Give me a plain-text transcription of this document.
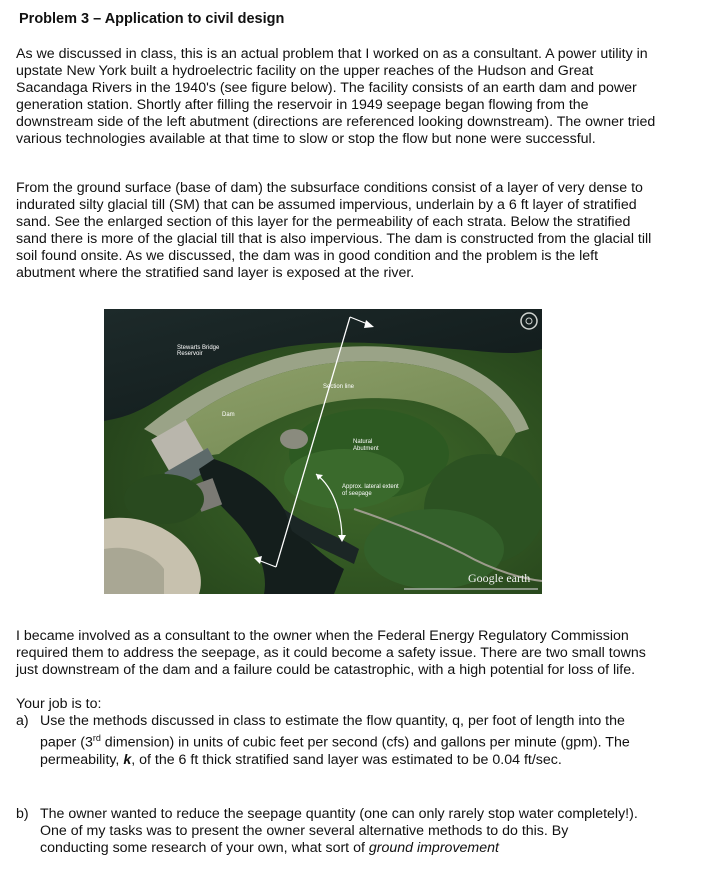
Problem 3 – Application to civil design

As we discussed in class, this is an actual problem that I worked on as a consultant. A power utility in upstate New York built a hydroelectric facility on the upper reaches of the Hudson and Great Sacandaga Rivers in the 1940's (see figure below). The facility consists of an earth dam and power generation station. Shortly after filling the reservoir in 1949 seepage began flowing from the downstream side of the left abutment (directions are referenced looking downstream). The owner tried various technologies available at that time to slow or stop the flow but none were successful.

From the ground surface (base of dam) the subsurface conditions consist of a layer of very dense to indurated silty glacial till (SM) that can be assumed impervious, underlain by a 6 ft layer of stratified sand. See the enlarged section of this layer for the permeability of each strata. Below the stratified sand there is more of the glacial till that is also impervious. The dam is constructed from the glacial till soil found onsite. As we discussed, the dam was in good condition and the problem is the left abutment where the stratified sand layer is exposed at the river.

Stewarts Bridge
Reservoir
Section line
Dam
Natural
Abutment
Approx. lateral extent
of seepage
Google earth

I became involved as a consultant to the owner when the Federal Energy Regulatory Commission required them to address the seepage, as it could become a safety issue. There are two small towns just downstream of the dam and a failure could be catastrophic, with a high potential for loss of life.

Your job is to:
a) Use the methods discussed in class to estimate the flow quantity, q, per foot of length into the paper (3rd dimension) in units of cubic feet per second (cfs) and gallons per minute (gpm). The permeability, k, of the 6 ft thick stratified sand layer was estimated to be 0.04 ft/sec.
b) The owner wanted to reduce the seepage quantity (one can only rarely stop water completely!). One of my tasks was to present the owner several alternative methods to do this. By conducting some research of your own, what sort of ground improvement
